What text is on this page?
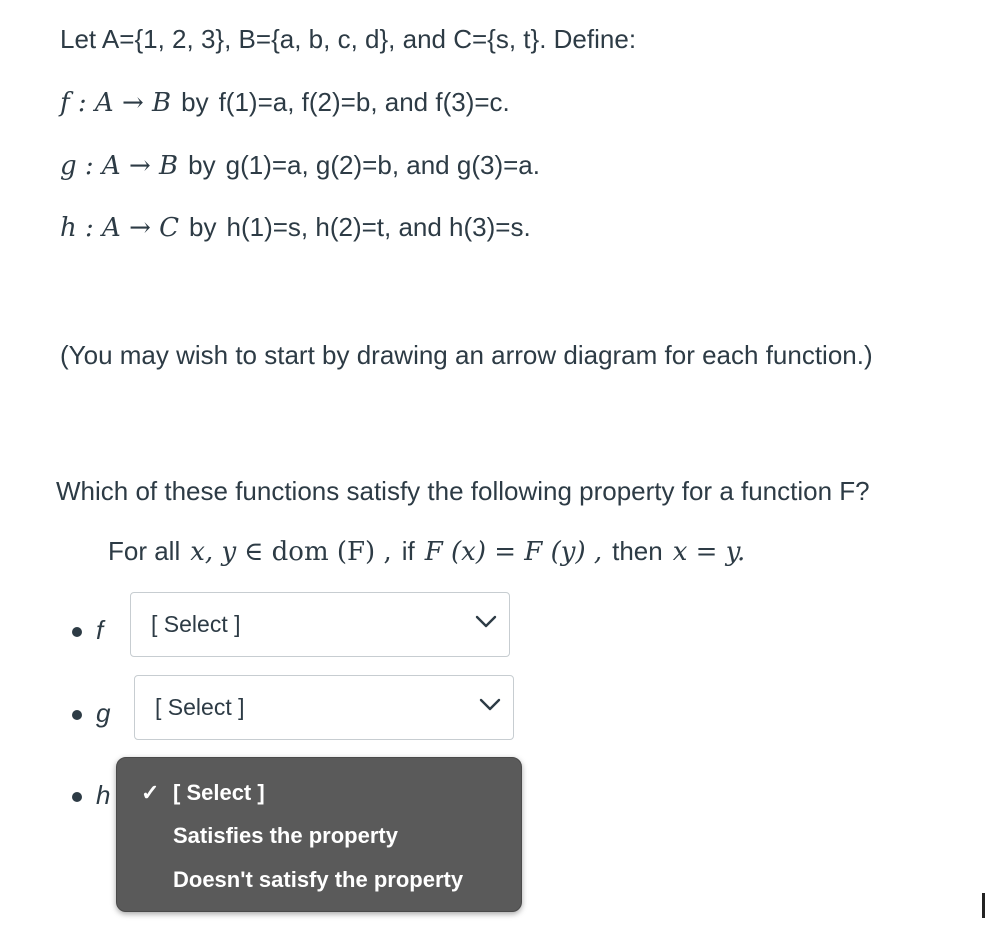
Let A={1, 2, 3}, B={a, b, c, d}, and C={s, t}. Define:
f : A → B by f(1)=a, f(2)=b, and f(3)=c.
g : A → B by g(1)=a, g(2)=b, and g(3)=a.
h : A → C by h(1)=s, h(2)=t, and h(3)=s.
(You may wish to start by drawing an arrow diagram for each function.)
Which of these functions satisfy the following property for a function F?
For all x, y ∈ dom (F) , if F (x) = F (y) , then x = y.
f [ Select ]
g [ Select ]
h ✓ [ Select ]
Satisfies the property
Doesn't satisfy the property
